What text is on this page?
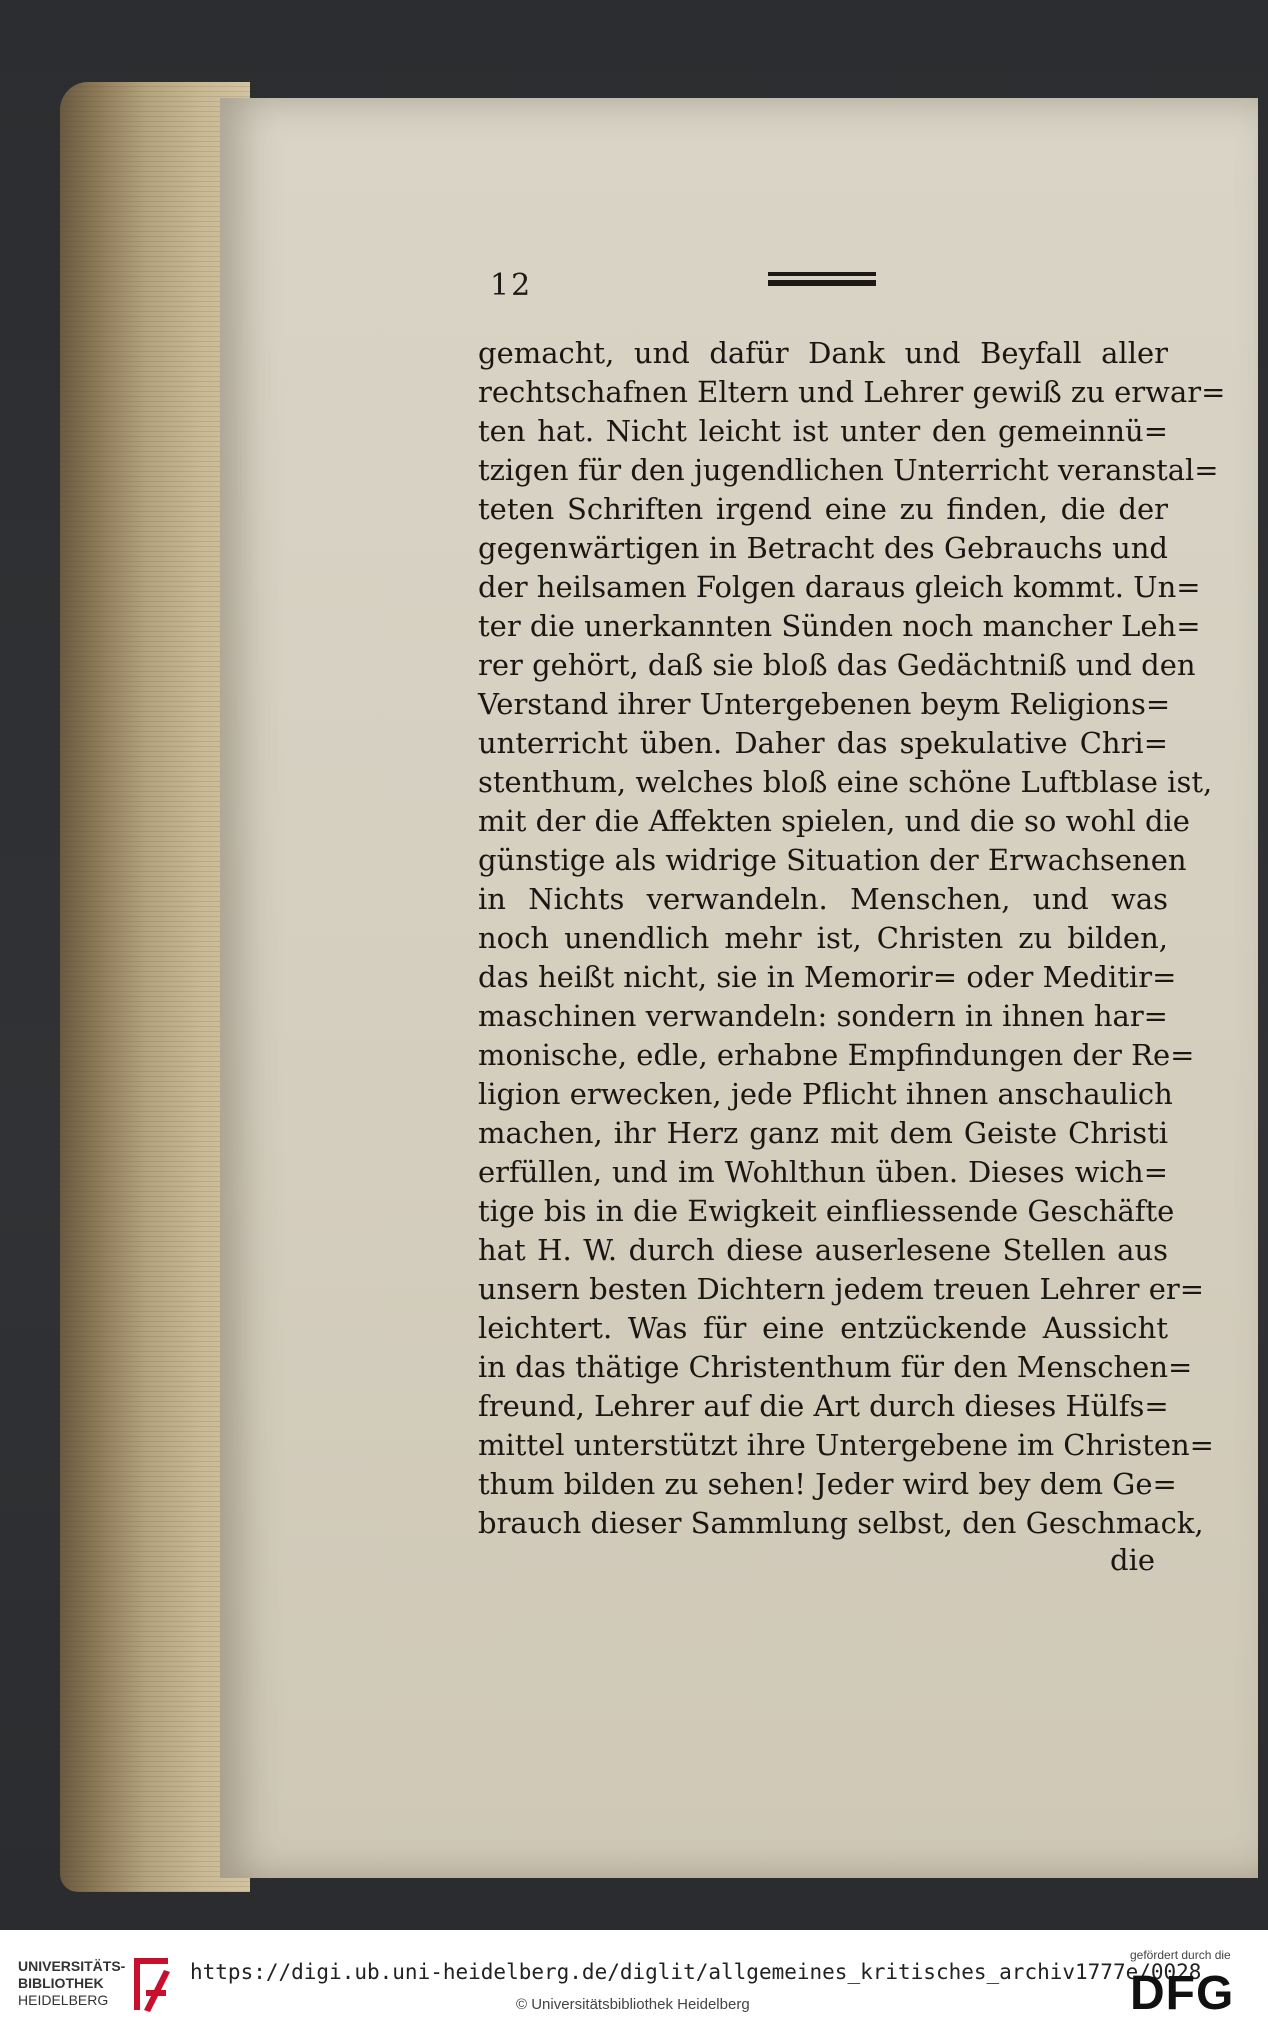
12
gemacht, und dafür Dank und Beyfall aller
rechtschafnen Eltern und Lehrer gewiß zu erwar=
ten hat. Nicht leicht ist unter den gemeinnü=
tzigen für den jugendlichen Unterricht veranstal=
teten Schriften irgend eine zu finden, die der
gegenwärtigen in Betracht des Gebrauchs und
der heilsamen Folgen daraus gleich kommt. Un=
ter die unerkannten Sünden noch mancher Leh=
rer gehört, daß sie bloß das Gedächtniß und den
Verstand ihrer Untergebenen beym Religions=
unterricht üben. Daher das spekulative Chri=
stenthum, welches bloß eine schöne Luftblase ist,
mit der die Affekten spielen, und die so wohl die
günstige als widrige Situation der Erwachsenen
in Nichts verwandeln. Menschen, und was
noch unendlich mehr ist, Christen zu bilden,
das heißt nicht, sie in Memorir= oder Meditir=
maschinen verwandeln: sondern in ihnen har=
monische, edle, erhabne Empfindungen der Re=
ligion erwecken, jede Pflicht ihnen anschaulich
machen, ihr Herz ganz mit dem Geiste Christi
erfüllen, und im Wohlthun üben. Dieses wich=
tige bis in die Ewigkeit einfliessende Geschäfte
hat H. W. durch diese auserlesene Stellen aus
unsern besten Dichtern jedem treuen Lehrer er=
leichtert. Was für eine entzückende Aussicht
in das thätige Christenthum für den Menschen=
freund, Lehrer auf die Art durch dieses Hülfs=
mittel unterstützt ihre Untergebene im Christen=
thum bilden zu sehen! Jeder wird bey dem Ge=
brauch dieser Sammlung selbst, den Geschmack,
die
UNIVERSITÄTS-
BIBLIOTHEK
HEIDELBERG
https://digi.ub.uni-heidelberg.de/diglit/allgemeines_kritisches_archiv1777e/0028
© Universitätsbibliothek Heidelberg
gefördert durch die
DFG
